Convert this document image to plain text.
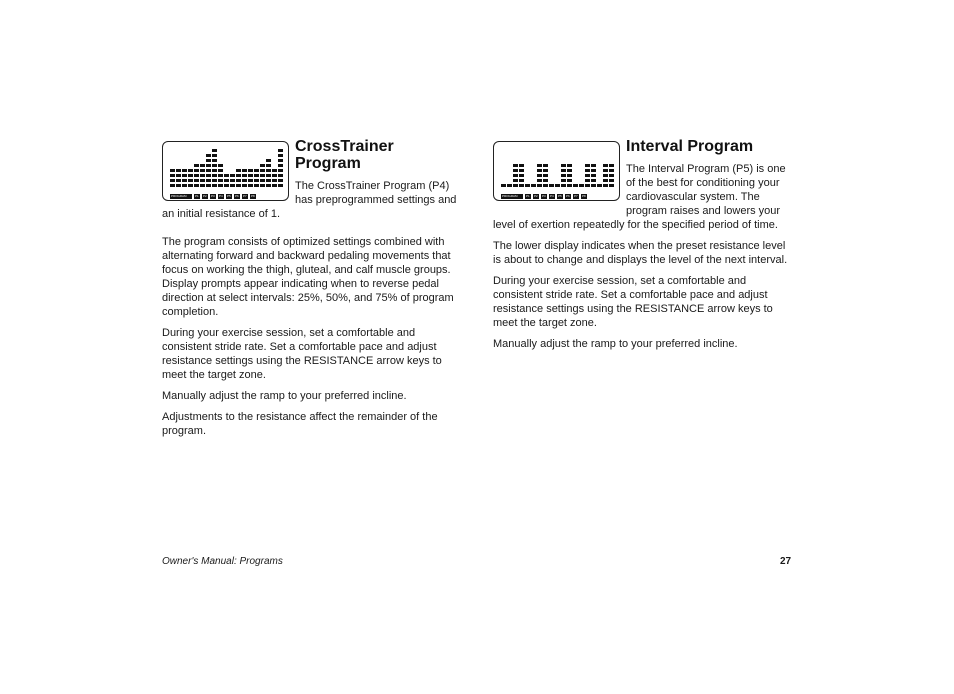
PROGRAM	P1	P2	P3	P4	P5	P6	P7	P8
CrossTrainer Program

The CrossTrainer Program (P4) has preprogrammed settings and an initial resistance of 1.

The program consists of optimized settings combined with alternating forward and backward pedaling movements that focus on working the thigh, gluteal, and calf muscle groups. Display prompts appear indicating when to reverse pedal direction at select intervals: 25%, 50%, and 75% of program completion.

During your exercise session, set a comfortable and consistent stride rate. Set a comfortable pace and adjust resistance settings using the RESISTANCE arrow keys to meet the target zone.

Manually adjust the ramp to your preferred incline.

Adjustments to the resistance affect the remainder of the program.

PROGRAM	P1	P2	P3	P4	P5	P6	P7	P8
Interval Program

The Interval Program (P5) is one of the best for conditioning your cardiovascular system. The program raises and lowers your level of exertion repeatedly for the specified period of time.

The lower display indicates when the preset resistance level is about to change and displays the level of the next interval.

During your exercise session, set a comfortable and consistent stride rate. Set a comfortable pace and adjust resistance settings using the RESISTANCE arrow keys to meet the target zone.

Manually adjust the ramp to your preferred incline.

Owner's Manual: Programs	27
